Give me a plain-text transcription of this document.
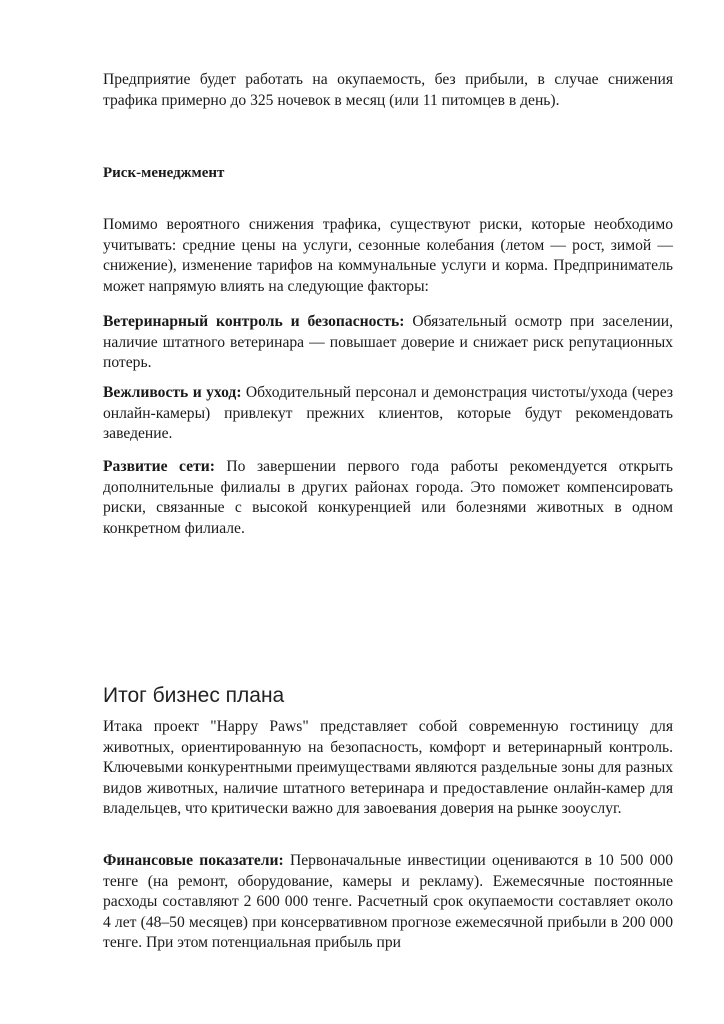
Предприятие будет работать на окупаемость, без прибыли, в случае снижения трафика примерно до 325 ночевок в месяц (или 11 питомцев в день).

Риск-менеджмент

Помимо вероятного снижения трафика, существуют риски, которые необходимо учитывать: средние цены на услуги, сезонные колебания (летом — рост, зимой — снижение), изменение тарифов на коммунальные услуги и корма. Предприниматель может напрямую влиять на следующие факторы:

Ветеринарный контроль и безопасность: Обязательный осмотр при заселении, наличие штатного ветеринара — повышает доверие и снижает риск репутационных потерь.

Вежливость и уход: Обходительный персонал и демонстрация чистоты/ухода (через онлайн-камеры) привлекут прежних клиентов, которые будут рекомендовать заведение.

Развитие сети: По завершении первого года работы рекомендуется открыть дополнительные филиалы в других районах города. Это поможет компенсировать риски, связанные с высокой конкуренцией или болезнями животных в одном конкретном филиале.

Итог бизнес плана

Итака проект "Happy Paws" представляет собой современную гостиницу для животных, ориентированную на безопасность, комфорт и ветеринарный контроль. Ключевыми конкурентными преимуществами являются раздельные зоны для разных видов животных, наличие штатного ветеринара и предоставление онлайн-камер для владельцев, что критически важно для завоевания доверия на рынке зооуслуг.

Финансовые показатели: Первоначальные инвестиции оцениваются в 10 500 000 тенге (на ремонт, оборудование, камеры и рекламу). Ежемесячные постоянные расходы составляют 2 600 000 тенге. Расчетный срок окупаемости составляет около 4 лет (48–50 месяцев) при консервативном прогнозе ежемесячной прибыли в 200 000 тенге. При этом потенциальная прибыль при
